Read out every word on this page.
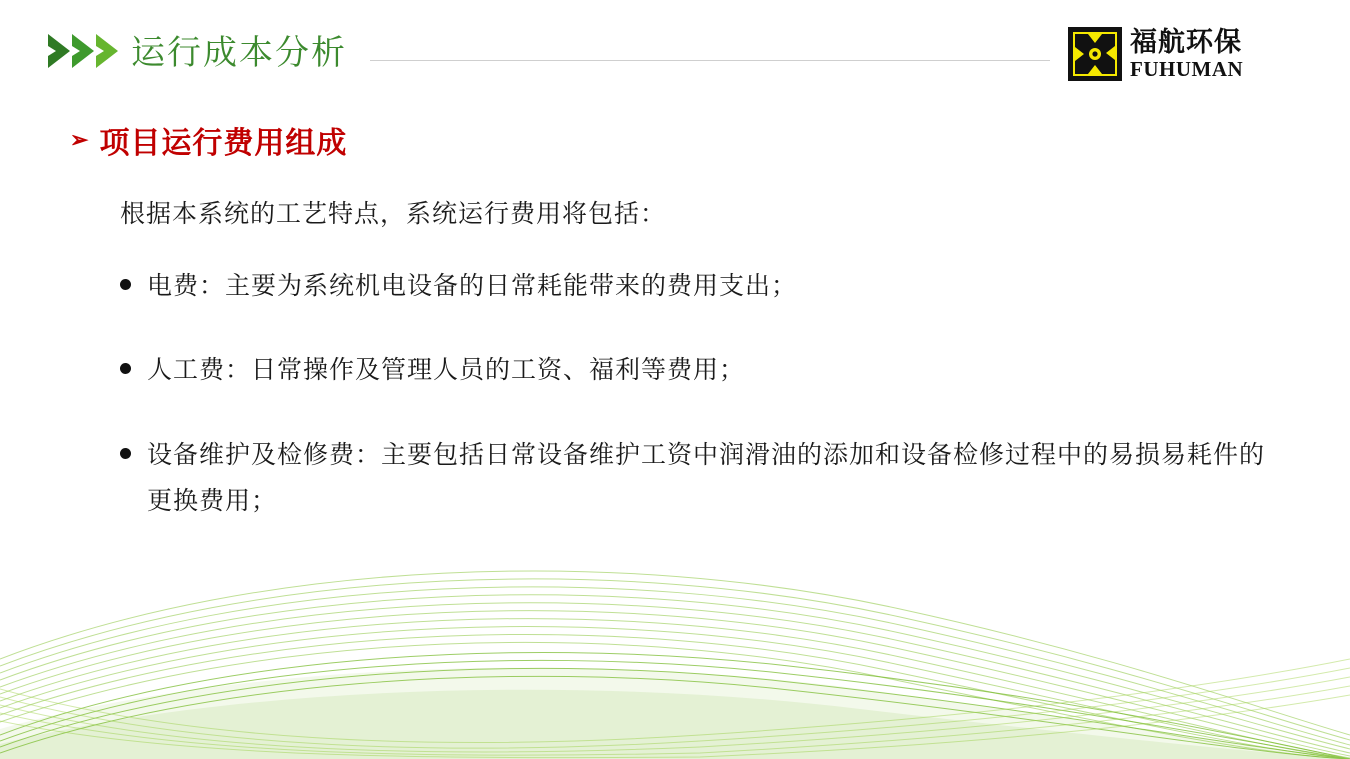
运行成本分析	福航环保
FUHUMAN
➢ 项目运行费用组成
根据本系统的工艺特点，系统运行费用将包括：
电费：主要为系统机电设备的日常耗能带来的费用支出；
人工费：日常操作及管理人员的工资、福利等费用；
设备维护及检修费：主要包括日常设备维护工资中润滑油的添加和设备检修过程中的易损易耗件的更换费用；
